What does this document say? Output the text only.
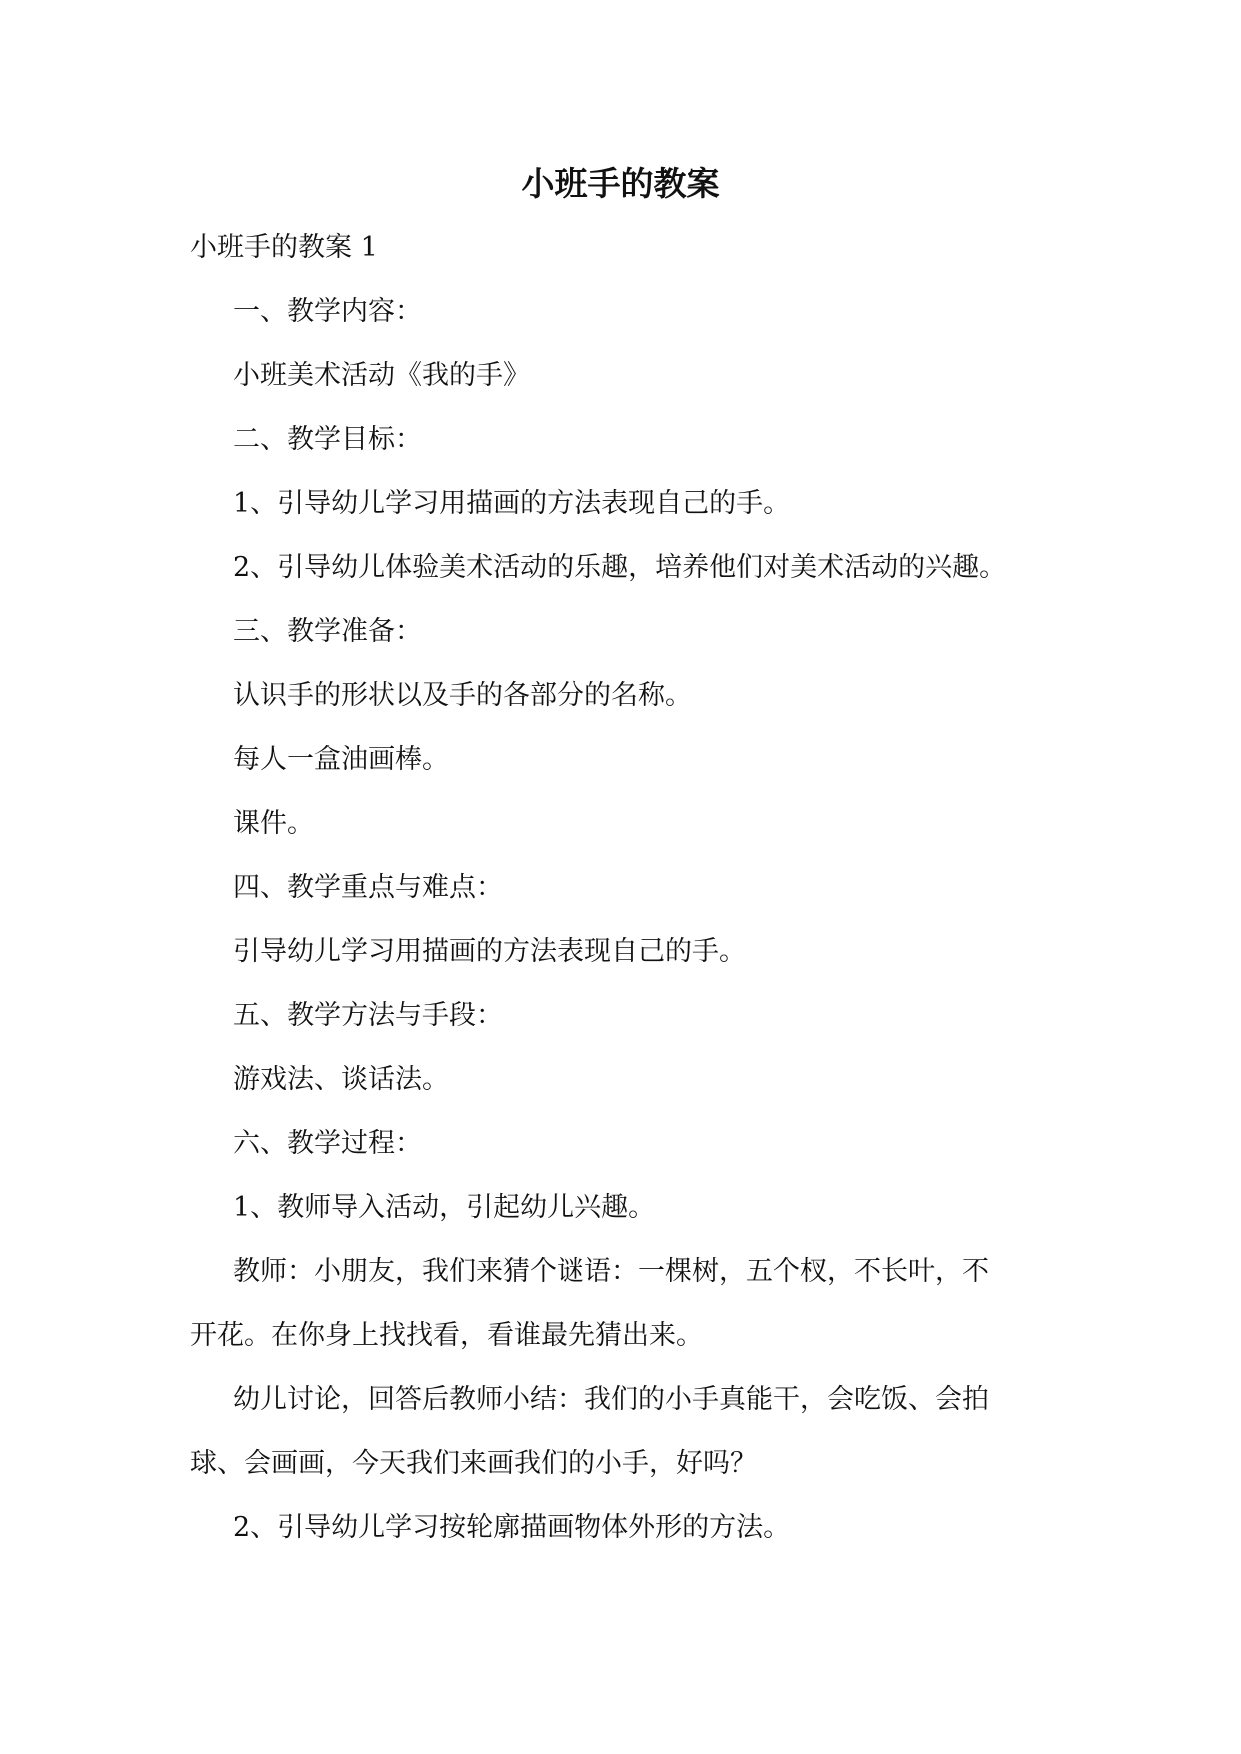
小班手的教案

小班手的教案 1

一、教学内容：

小班美术活动《我的手》

二、教学目标：

1、引导幼儿学习用描画的方法表现自己的手。

2、引导幼儿体验美术活动的乐趣，培养他们对美术活动的兴趣。

三、教学准备：

认识手的形状以及手的各部分的名称。

每人一盒油画棒。

课件。

四、教学重点与难点：

引导幼儿学习用描画的方法表现自己的手。

五、教学方法与手段：

游戏法、谈话法。

六、教学过程：

1、教师导入活动，引起幼儿兴趣。

教师：小朋友，我们来猜个谜语：一棵树，五个杈，不长叶，不

开花。在你身上找找看，看谁最先猜出来。

幼儿讨论，回答后教师小结：我们的小手真能干，会吃饭、会拍

球、会画画，今天我们来画我们的小手，好吗？

2、引导幼儿学习按轮廓描画物体外形的方法。
